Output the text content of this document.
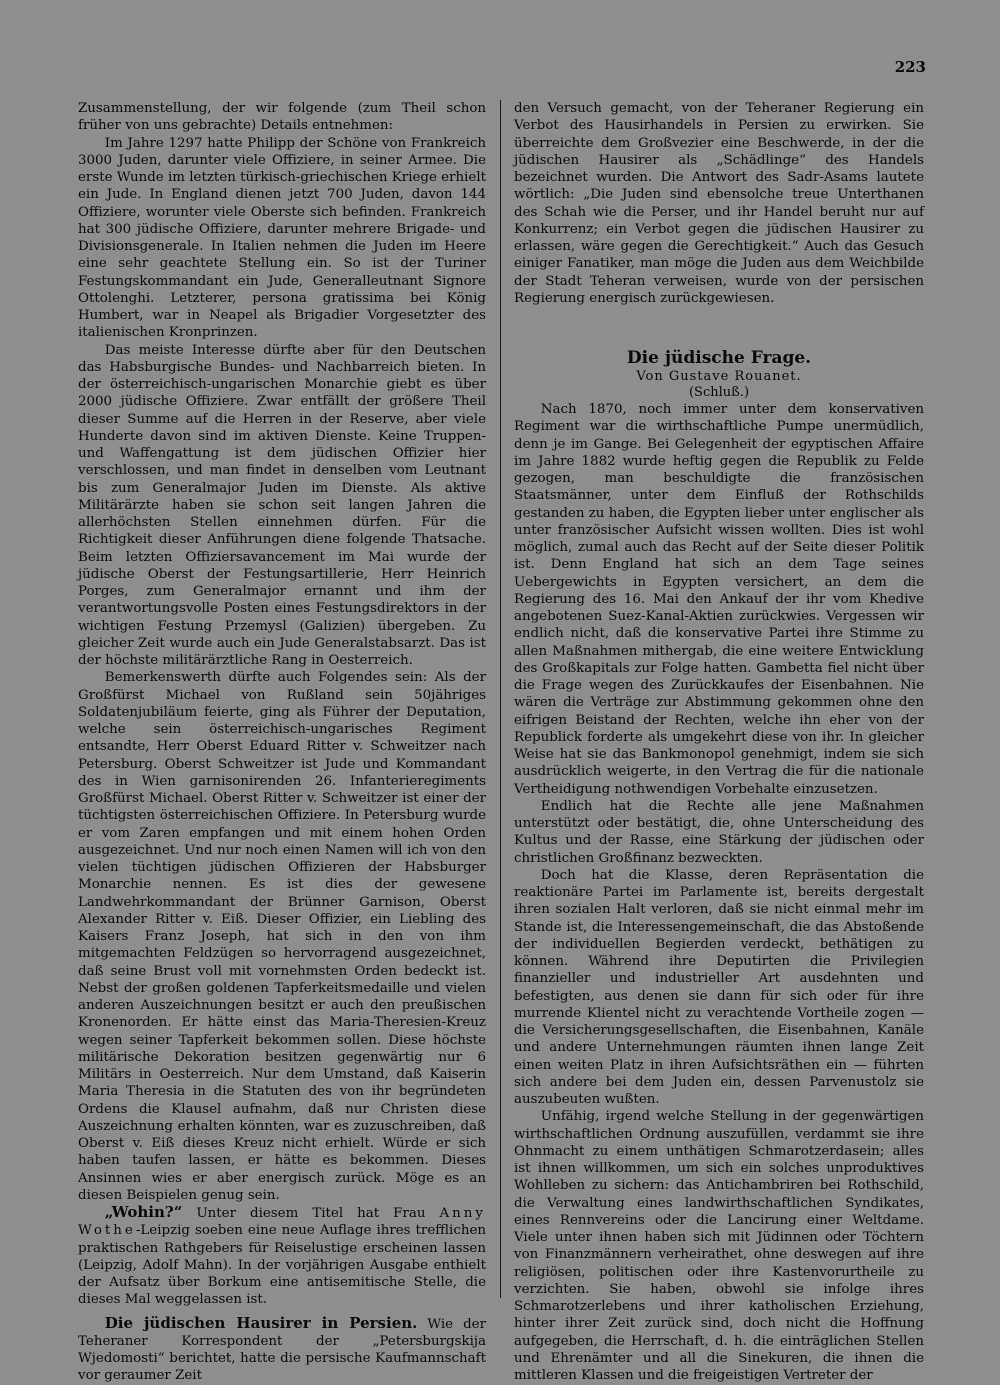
223

Zusammenstellung, der wir folgende (zum Theil schon früher von uns gebrachte) Details entnehmen:

Im Jahre 1297 hatte Philipp der Schöne von Frankreich 3000 Juden, darunter viele Offiziere, in seiner Armee. Die erste Wunde im letzten türkisch-griechischen Kriege erhielt ein Jude. In England dienen jetzt 700 Juden, davon 144 Offiziere, worunter viele Oberste sich befinden. Frankreich hat 300 jüdische Offiziere, darunter mehrere Brigade- und Divisionsgenerale. In Italien nehmen die Juden im Heere eine sehr geachtete Stellung ein. So ist der Turiner Festungskommandant ein Jude, Generalleutnant Signore Ottolenghi. Letzterer, persona gratissima bei König Humbert, war in Neapel als Brigadier Vorgesetzter des italienischen Kronprinzen.

Das meiste Interesse dürfte aber für den Deutschen das Habsburgische Bundes- und Nachbarreich bieten. In der österreichisch-ungarischen Monarchie giebt es über 2000 jüdische Offiziere. Zwar entfällt der größere Theil dieser Summe auf die Herren in der Reserve, aber viele Hunderte davon sind im aktiven Dienste. Keine Truppen- und Waffengattung ist dem jüdischen Offizier hier verschlossen, und man findet in denselben vom Leutnant bis zum Generalmajor Juden im Dienste. Als aktive Militärärzte haben sie schon seit langen Jahren die allerhöchsten Stellen einnehmen dürfen. Für die Richtigkeit dieser Anführungen diene folgende Thatsache. Beim letzten Offiziersavancement im Mai wurde der jüdische Oberst der Festungsartillerie, Herr Heinrich Porges, zum Generalmajor ernannt und ihm der verantwortungsvolle Posten eines Festungsdirektors in der wichtigen Festung Przemysl (Galizien) übergeben. Zu gleicher Zeit wurde auch ein Jude Generalstabsarzt. Das ist der höchste militärärztliche Rang in Oesterreich.

Bemerkenswerth dürfte auch Folgendes sein: Als der Großfürst Michael von Rußland sein 50jähriges Soldatenjubiläum feierte, ging als Führer der Deputation, welche sein österreichisch-ungarisches Regiment entsandte, Herr Oberst Eduard Ritter v. Schweitzer nach Petersburg. Oberst Schweitzer ist Jude und Kommandant des in Wien garnisonirenden 26. Infanterieregiments Großfürst Michael. Oberst Ritter v. Schweitzer ist einer der tüchtigsten österreichischen Offiziere. In Petersburg wurde er vom Zaren empfangen und mit einem hohen Orden ausgezeichnet. Und nur noch einen Namen will ich von den vielen tüchtigen jüdischen Offizieren der Habsburger Monarchie nennen. Es ist dies der gewesene Landwehrkommandant der Brünner Garnison, Oberst Alexander Ritter v. Eiß. Dieser Offizier, ein Liebling des Kaisers Franz Joseph, hat sich in den von ihm mitgemachten Feldzügen so hervorragend ausgezeichnet, daß seine Brust voll mit vornehmsten Orden bedeckt ist. Nebst der großen goldenen Tapferkeitsmedaille und vielen anderen Auszeichnungen besitzt er auch den preußischen Kronenorden. Er hätte einst das Maria-Theresien-Kreuz wegen seiner Tapferkeit bekommen sollen. Diese höchste militärische Dekoration besitzen gegenwärtig nur 6 Militärs in Oesterreich. Nur dem Umstand, daß Kaiserin Maria Theresia in die Statuten des von ihr begründeten Ordens die Klausel aufnahm, daß nur Christen diese Auszeichnung erhalten könnten, war es zuzuschreiben, daß Oberst v. Eiß dieses Kreuz nicht erhielt. Würde er sich haben taufen lassen, er hätte es bekommen. Dieses Ansinnen wies er aber energisch zurück. Möge es an diesen Beispielen genug sein.

„Wohin?“ Unter diesem Titel hat Frau Anny Wothe-Leipzig soeben eine neue Auflage ihres trefflichen praktischen Rathgebers für Reiselustige erscheinen lassen (Leipzig, Adolf Mahn). In der vorjährigen Ausgabe enthielt der Aufsatz über Borkum eine antisemitische Stelle, die dieses Mal weggelassen ist.

Die jüdischen Hausirer in Persien. Wie der Teheraner Korrespondent der „Petersburgskija Wjedomosti“ berichtet, hatte die persische Kaufmannschaft vor geraumer Zeit

den Versuch gemacht, von der Teheraner Regierung ein Verbot des Hausirhandels in Persien zu erwirken. Sie überreichte dem Großvezier eine Beschwerde, in der die jüdischen Hausirer als „Schädlinge“ des Handels bezeichnet wurden. Die Antwort des Sadr-Asams lautete wörtlich: „Die Juden sind ebensolche treue Unterthanen des Schah wie die Perser, und ihr Handel beruht nur auf Konkurrenz; ein Verbot gegen die jüdischen Hausirer zu erlassen, wäre gegen die Gerechtigkeit.“ Auch das Gesuch einiger Fanatiker, man möge die Juden aus dem Weichbilde der Stadt Teheran verweisen, wurde von der persischen Regierung energisch zurückgewiesen.

Die jüdische Frage.
Von Gustave Rouanet.
(Schluß.)

Nach 1870, noch immer unter dem konservativen Regiment war die wirthschaftliche Pumpe unermüdlich, denn je im Gange. Bei Gelegenheit der egyptischen Affaire im Jahre 1882 wurde heftig gegen die Republik zu Felde gezogen, man beschuldigte die französischen Staatsmänner, unter dem Einfluß der Rothschilds gestanden zu haben, die Egypten lieber unter englischer als unter französischer Aufsicht wissen wollten. Dies ist wohl möglich, zumal auch das Recht auf der Seite dieser Politik ist. Denn England hat sich an dem Tage seines Uebergewichts in Egypten versichert, an dem die Regierung des 16. Mai den Ankauf der ihr vom Khedive angebotenen Suez-Kanal-Aktien zurückwies. Vergessen wir endlich nicht, daß die konservative Partei ihre Stimme zu allen Maßnahmen mithergab, die eine weitere Entwicklung des Großkapitals zur Folge hatten. Gambetta fiel nicht über die Frage wegen des Zurückkaufes der Eisenbahnen. Nie wären die Verträge zur Abstimmung gekommen ohne den eifrigen Beistand der Rechten, welche ihn eher von der Republick forderte als umgekehrt diese von ihr. In gleicher Weise hat sie das Bankmonopol genehmigt, indem sie sich ausdrücklich weigerte, in den Vertrag die für die nationale Vertheidigung nothwendigen Vorbehalte einzusetzen.

Endlich hat die Rechte alle jene Maßnahmen unterstützt oder bestätigt, die, ohne Unterscheidung des Kultus und der Rasse, eine Stärkung der jüdischen oder christlichen Großfinanz bezweckten.

Doch hat die Klasse, deren Repräsentation die reaktionäre Partei im Parlamente ist, bereits dergestalt ihren sozialen Halt verloren, daß sie nicht einmal mehr im Stande ist, die Interessengemeinschaft, die das Abstoßende der individuellen Begierden verdeckt, bethätigen zu können. Während ihre Deputirten die Privilegien finanzieller und industrieller Art ausdehnten und befestigten, aus denen sie dann für sich oder für ihre murrende Klientel nicht zu verachtende Vortheile zogen — die Versicherungsgesellschaften, die Eisenbahnen, Kanäle und andere Unternehmungen räumten ihnen lange Zeit einen weiten Platz in ihren Aufsichtsräthen ein — führten sich andere bei dem Juden ein, dessen Parvenustolz sie auszubeuten wußten.

Unfähig, irgend welche Stellung in der gegenwärtigen wirthschaftlichen Ordnung auszufüllen, verdammt sie ihre Ohnmacht zu einem unthätigen Schmarotzerdasein; alles ist ihnen willkommen, um sich ein solches unproduktives Wohlleben zu sichern: das Antichambriren bei Rothschild, die Verwaltung eines landwirthschaftlichen Syndikates, eines Rennvereins oder die Lancirung einer Weltdame. Viele unter ihnen haben sich mit Jüdinnen oder Töchtern von Finanzmännern verheirathet, ohne deswegen auf ihre religiösen, politischen oder ihre Kastenvorurtheile zu verzichten. Sie haben, obwohl sie infolge ihres Schmarotzerlebens und ihrer katholischen Erziehung, hinter ihrer Zeit zurück sind, doch nicht die Hoffnung aufgegeben, die Herrschaft, d. h. die einträglichen Stellen und Ehrenämter und all die Sinekuren, die ihnen die mittleren Klassen und die freigeistigen Vertreter der
